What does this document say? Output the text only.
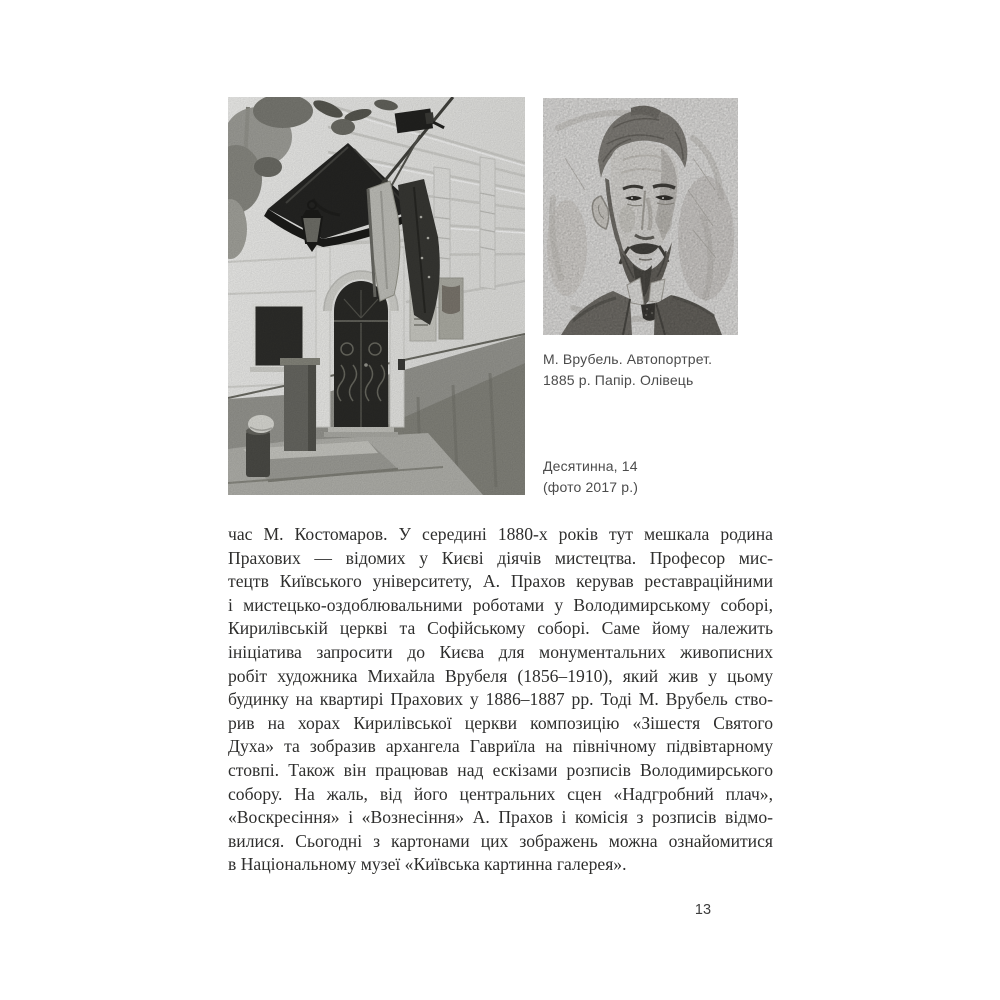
М. Врубель. Автопортрет.
1885 р. Папір. Олівець
Десятинна, 14
(фото 2017 р.)
час М. Костомаров. У середині 1880-х років тут мешкала родина
Прахових — відомих у Києві діячів мистецтва. Професор мис-
тецтв Київського університету, А. Прахов керував реставраційними
і мистецько-оздоблювальними роботами у Володимирському соборі,
Кирилівській церкві та Софійському соборі. Саме йому належить
ініціатива запросити до Києва для монументальних живописних
робіт художника Михайла Врубеля (1856–1910), який жив у цьому
будинку на квартирі Прахових у 1886–1887 рр. Тоді М. Врубель ство-
рив на хорах Кирилівської церкви композицію «Зішестя Святого
Духа» та зобразив архангела Гавриїла на північному підвівтарному
стовпі. Також він працював над ескізами розписів Володимирського
собору. На жаль, від його центральних сцен «Надгробний плач»,
«Воскресіння» і «Вознесіння» А. Прахов і комісія з розписів відмо-
вилися. Сьогодні з картонами цих зображень можна ознайомитися
в Національному музеї «Київська картинна галерея».
13
